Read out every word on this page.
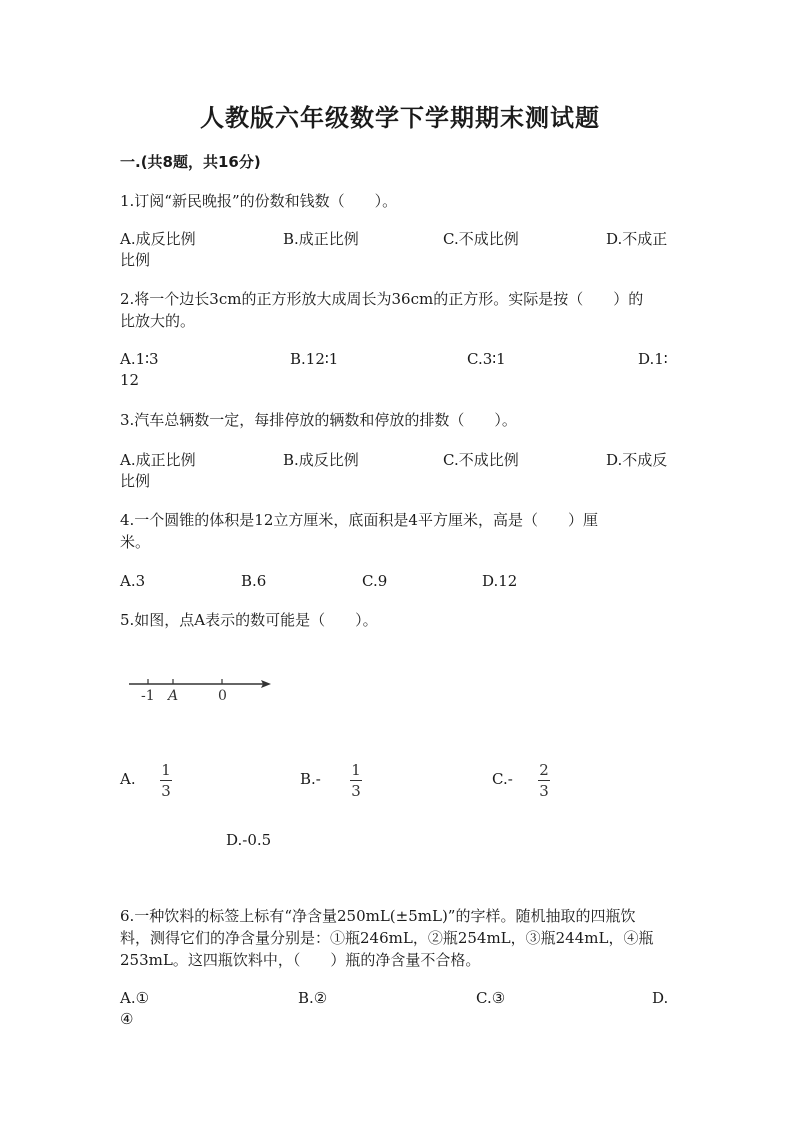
人教版六年级数学下学期期末测试题
一.(共8题，共16分)
1.订阅“新民晚报”的份数和钱数（　　）。
A.成反比例	B.成正比例	C.不成比例	D.不成正
比例
2.将一个边长3cm的正方形放大成周长为36cm的正方形。实际是按（　　）的
比放大的。
A.1∶3	B.12∶1	C.3∶1	D.1∶
12
3.汽车总辆数一定，每排停放的辆数和停放的排数（　　）。
A.成正比例	B.成反比例	C.不成比例	D.不成反
比例
4.一个圆锥的体积是12立方厘米，底面积是4平方厘米，高是（　　）厘
米。
A.3	B.6	C.9	D.12
5.如图，点A表示的数可能是（　　）。
-1 A	0
A. 1
3
B.- 1
3
C.- 2
3
D.-0.5
6.一种饮料的标签上标有“净含量250mL(±5mL)”的字样。随机抽取的四瓶饮
料，测得它们的净含量分别是：①瓶246mL，②瓶254mL，③瓶244mL，④瓶
253mL。这四瓶饮料中，（　　）瓶的净含量不合格。
A.①	B.②	C.③	D.
④
